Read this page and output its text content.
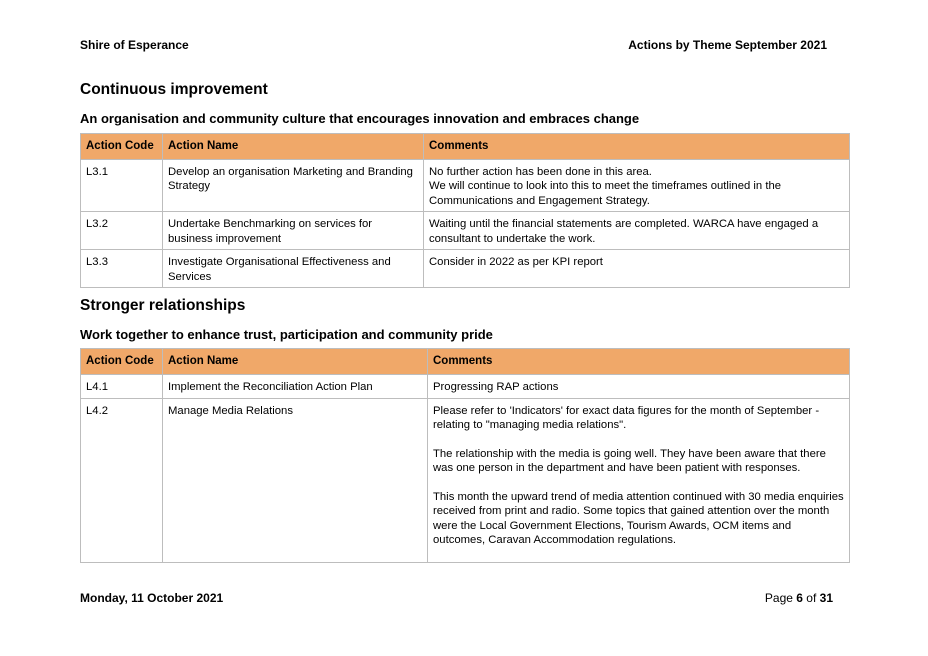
Shire of Esperance	Actions by Theme September 2021
Continuous improvement
An organisation and community culture that encourages innovation and embraces change
Action Code	Action Name	Comments
L3.1	Develop an organisation Marketing and Branding Strategy	No further action has been done in this area.
We will continue to look into this to meet the timeframes outlined in the Communications and Engagement Strategy.

L3.2	Undertake Benchmarking on services for business improvement	Waiting until the financial statements are completed. WARCA have engaged a consultant to undertake the work.

L3.3	Investigate Organisational Effectiveness and Services	Consider in 2022 as per KPI report
Stronger relationships
Work together to enhance trust, participation and community pride
Action Code	Action Name	Comments
L4.1	Implement the Reconciliation Action Plan	Progressing RAP actions

L4.2	Manage Media Relations	Please refer to 'Indicators' for exact data figures for the month of September - relating to "managing media relations".
The relationship with the media is going well. They have been aware that there was one person in the department and have been patient with responses.
This month the upward trend of media attention continued with 30 media enquiries received from print and radio. Some topics that gained attention over the month were the Local Government Elections, Tourism Awards, OCM items and outcomes, Caravan Accommodation regulations.
Monday, 11 October 2021	Page 6 of 31
